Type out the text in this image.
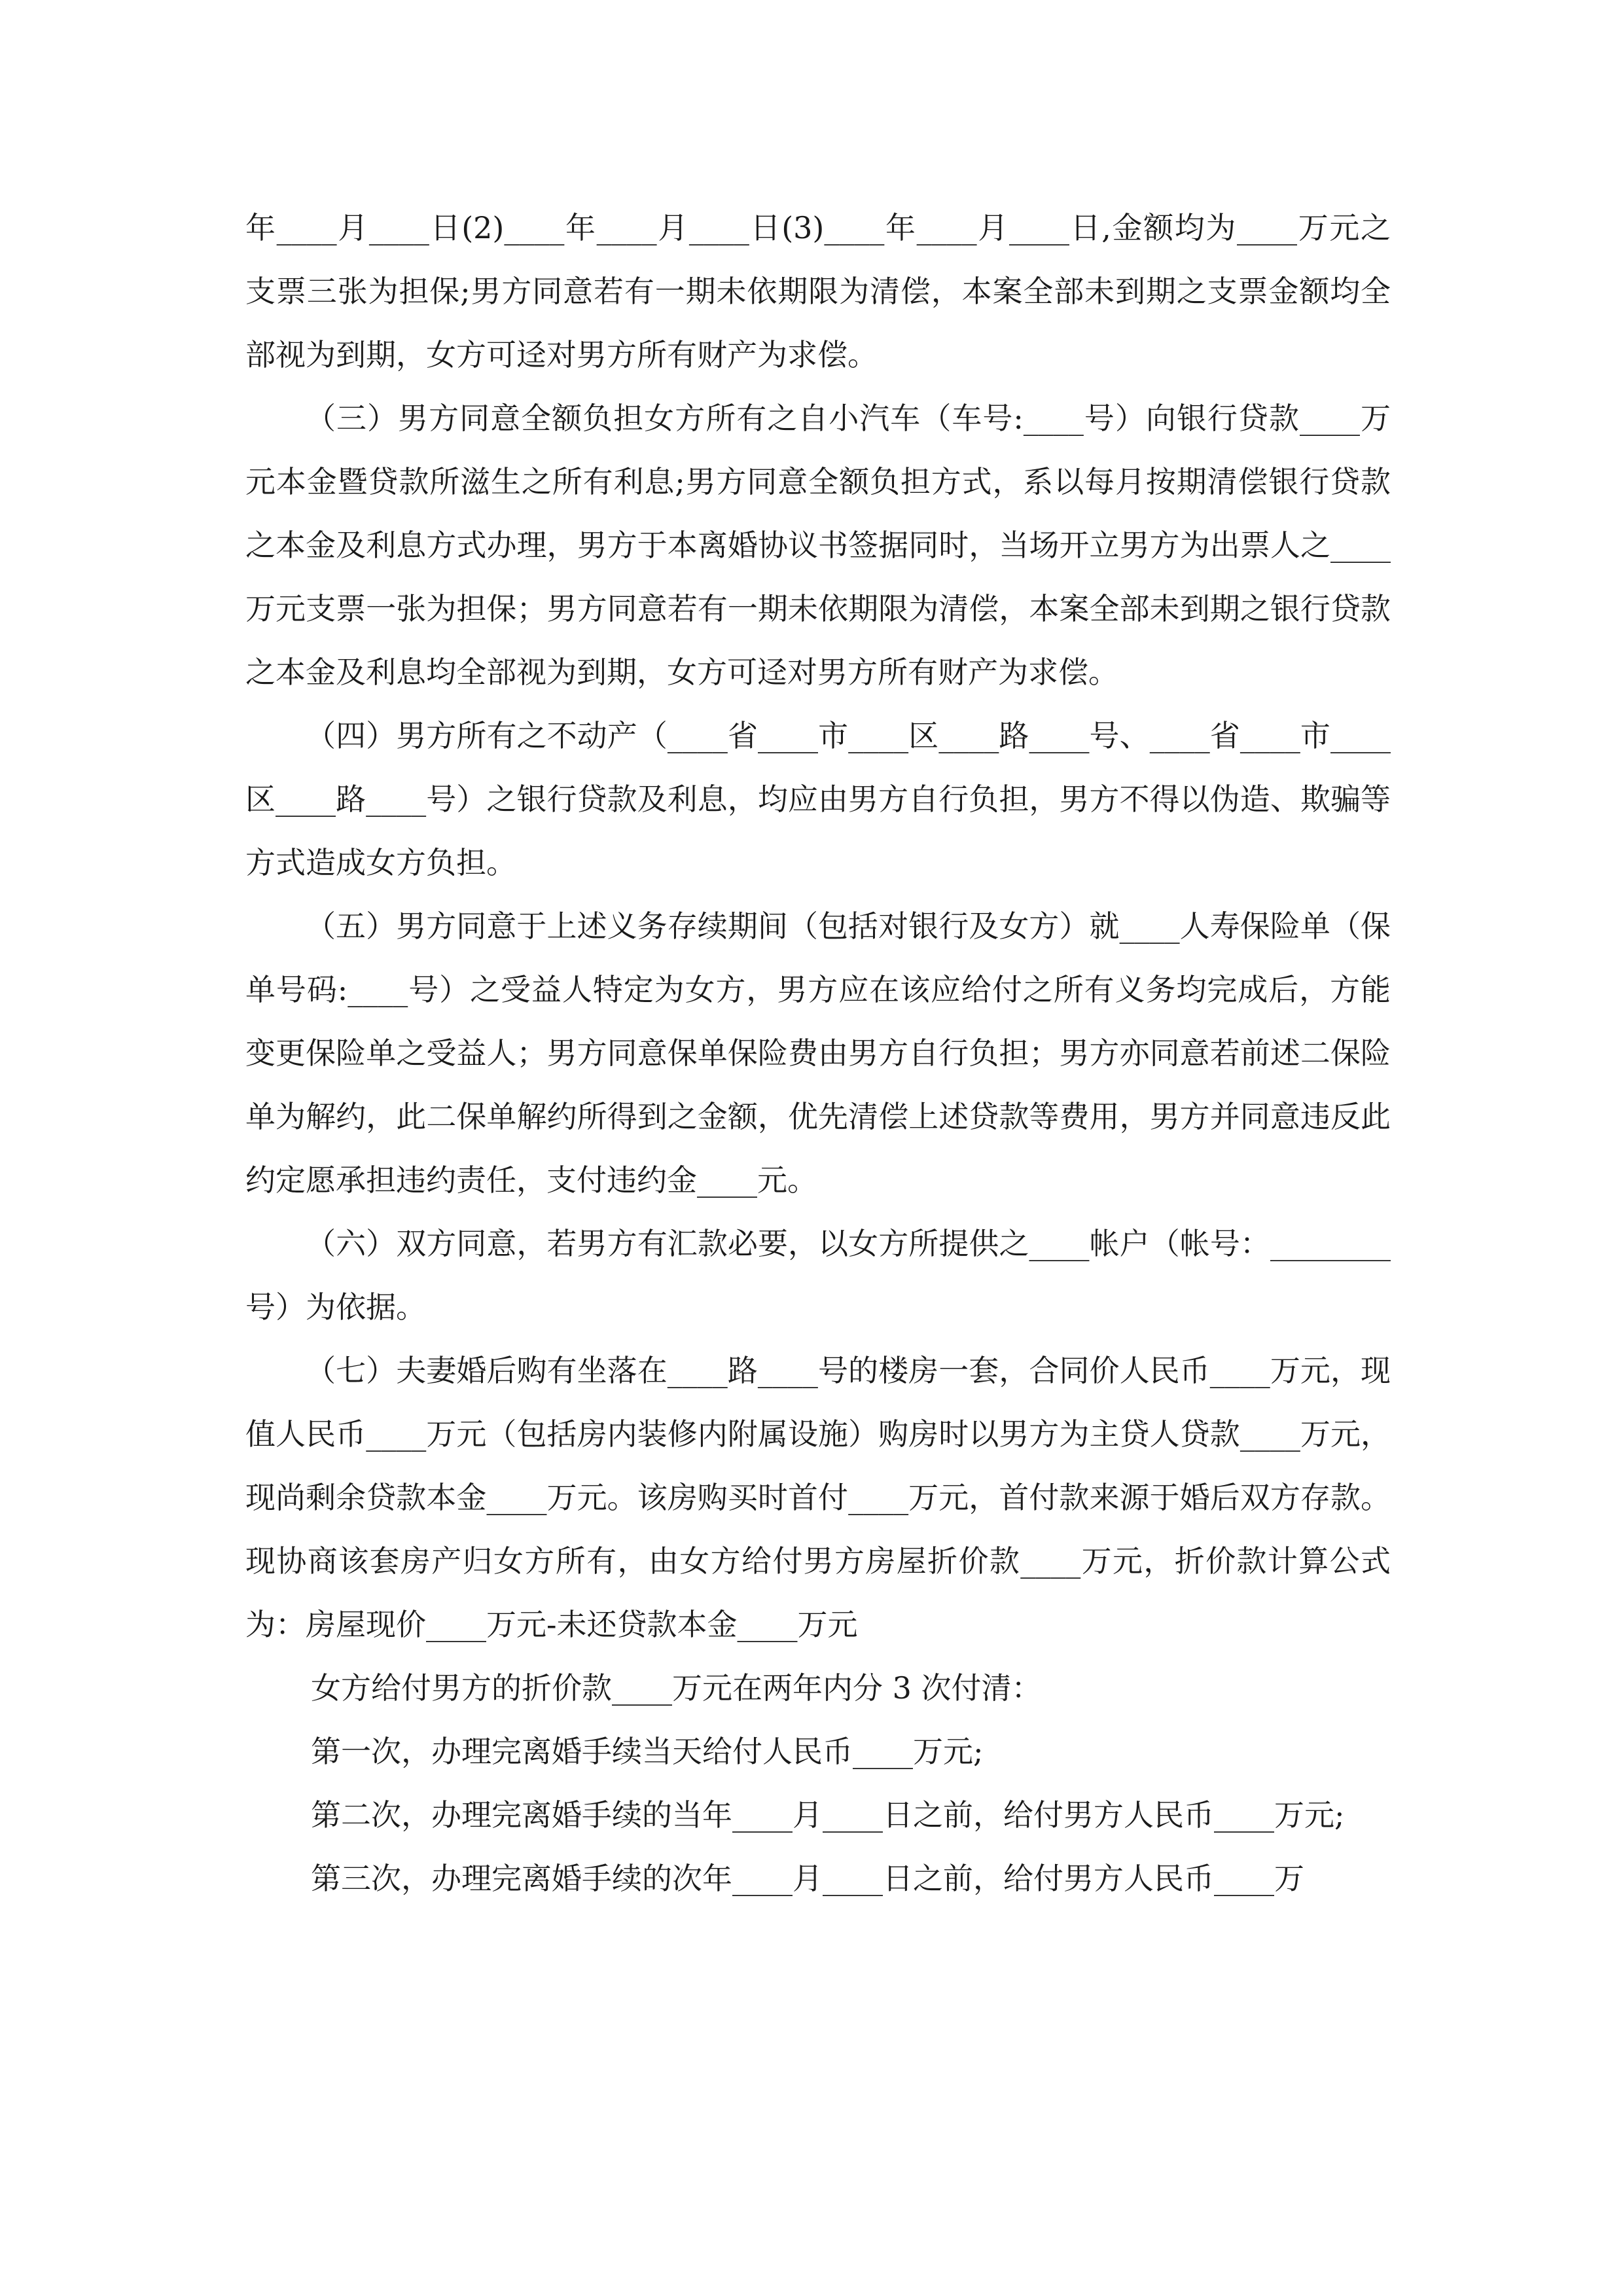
年____月____日(2)____年____月____日(3)____年____月____日,金额均为____万元之支票三张为担保;男方同意若有一期未依期限为清偿，本案全部未到期之支票金额均全部视为到期，女方可迳对男方所有财产为求偿。

（三）男方同意全额负担女方所有之自小汽车（车号:____号）向银行贷款____万元本金暨贷款所滋生之所有利息;男方同意全额负担方式，系以每月按期清偿银行贷款之本金及利息方式办理，男方于本离婚协议书签据同时，当场开立男方为出票人之____万元支票一张为担保；男方同意若有一期未依期限为清偿，本案全部未到期之银行贷款之本金及利息均全部视为到期，女方可迳对男方所有财产为求偿。

（四）男方所有之不动产（____省____市____区____路____号、____省____市____区____路____号）之银行贷款及利息，均应由男方自行负担，男方不得以伪造、欺骗等方式造成女方负担。

（五）男方同意于上述义务存续期间（包括对银行及女方）就____人寿保险单（保单号码:____号）之受益人特定为女方，男方应在该应给付之所有义务均完成后，方能变更保险单之受益人；男方同意保单保险费由男方自行负担；男方亦同意若前述二保险单为解约，此二保单解约所得到之金额，优先清偿上述贷款等费用，男方并同意违反此约定愿承担违约责任，支付违约金____元。

（六）双方同意，若男方有汇款必要，以女方所提供之____帐户（帐号：________号）为依据。

（七）夫妻婚后购有坐落在____路____号的楼房一套，合同价人民币____万元，现值人民币____万元（包括房内装修内附属设施）购房时以男方为主贷人贷款____万元，现尚剩余贷款本金____万元。该房购买时首付____万元，首付款来源于婚后双方存款。现协商该套房产归女方所有，由女方给付男方房屋折价款____万元，折价款计算公式为：房屋现价____万元-未还贷款本金____万元

女方给付男方的折价款____万元在两年内分 3 次付清：

第一次，办理完离婚手续当天给付人民币____万元;

第二次，办理完离婚手续的当年____月____日之前，给付男方人民币____万元;

第三次，办理完离婚手续的次年____月____日之前，给付男方人民币____万
